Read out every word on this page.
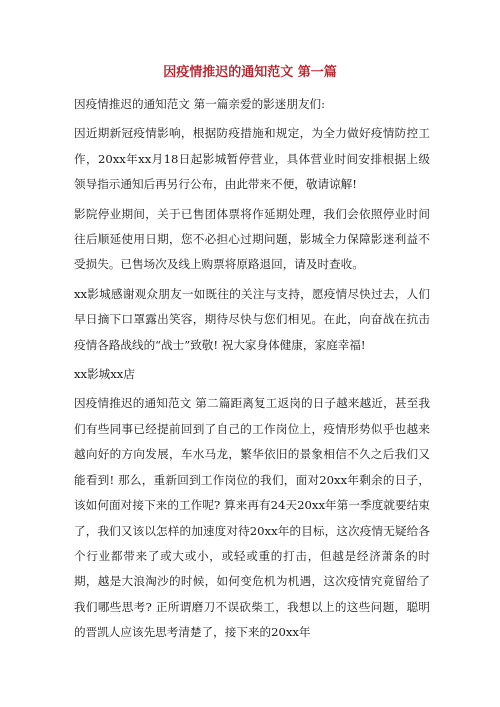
因疫情推迟的通知范文 第一篇

因疫情推迟的通知范文 第一篇亲爱的影迷朋友们:

因近期新冠疫情影响，根据防疫措施和规定，为全力做好疫情防控工作，20xx年xx月18日起影城暂停营业，具体营业时间安排根据上级领导指示通知后再另行公布，由此带来不便，敬请谅解!

影院停业期间，关于已售团体票将作延期处理，我们会依照停业时间往后顺延使用日期，您不必担心过期问题，影城全力保障影迷利益不受损失。已售场次及线上购票将原路退回，请及时查收。

xx影城感谢观众朋友一如既往的关注与支持，愿疫情尽快过去，人们早日摘下口罩露出笑容，期待尽快与您们相见。在此，向奋战在抗击疫情各路战线的“战士”致敬! 祝大家身体健康，家庭幸福!

xx影城xx店

因疫情推迟的通知范文 第二篇距离复工返岗的日子越来越近，甚至我们有些同事已经提前回到了自己的工作岗位上，疫情形势似乎也越来越向好的方向发展，车水马龙，繁华依旧的景象相信不久之后我们又能看到! 那么，重新回到工作岗位的我们，面对20xx年剩余的日子，该如何面对接下来的工作呢? 算来再有24天20xx年第一季度就要结束了，我们又该以怎样的加速度对待20xx年的目标，这次疫情无疑给各个行业都带来了或大或小，或轻或重的打击，但越是经济萧条的时期，越是大浪淘沙的时候，如何变危机为机遇，这次疫情究竟留给了我们哪些思考? 正所谓磨刀不误砍柴工，我想以上的这些问题，聪明的晋凯人应该先思考清楚了，接下来的20xx年
